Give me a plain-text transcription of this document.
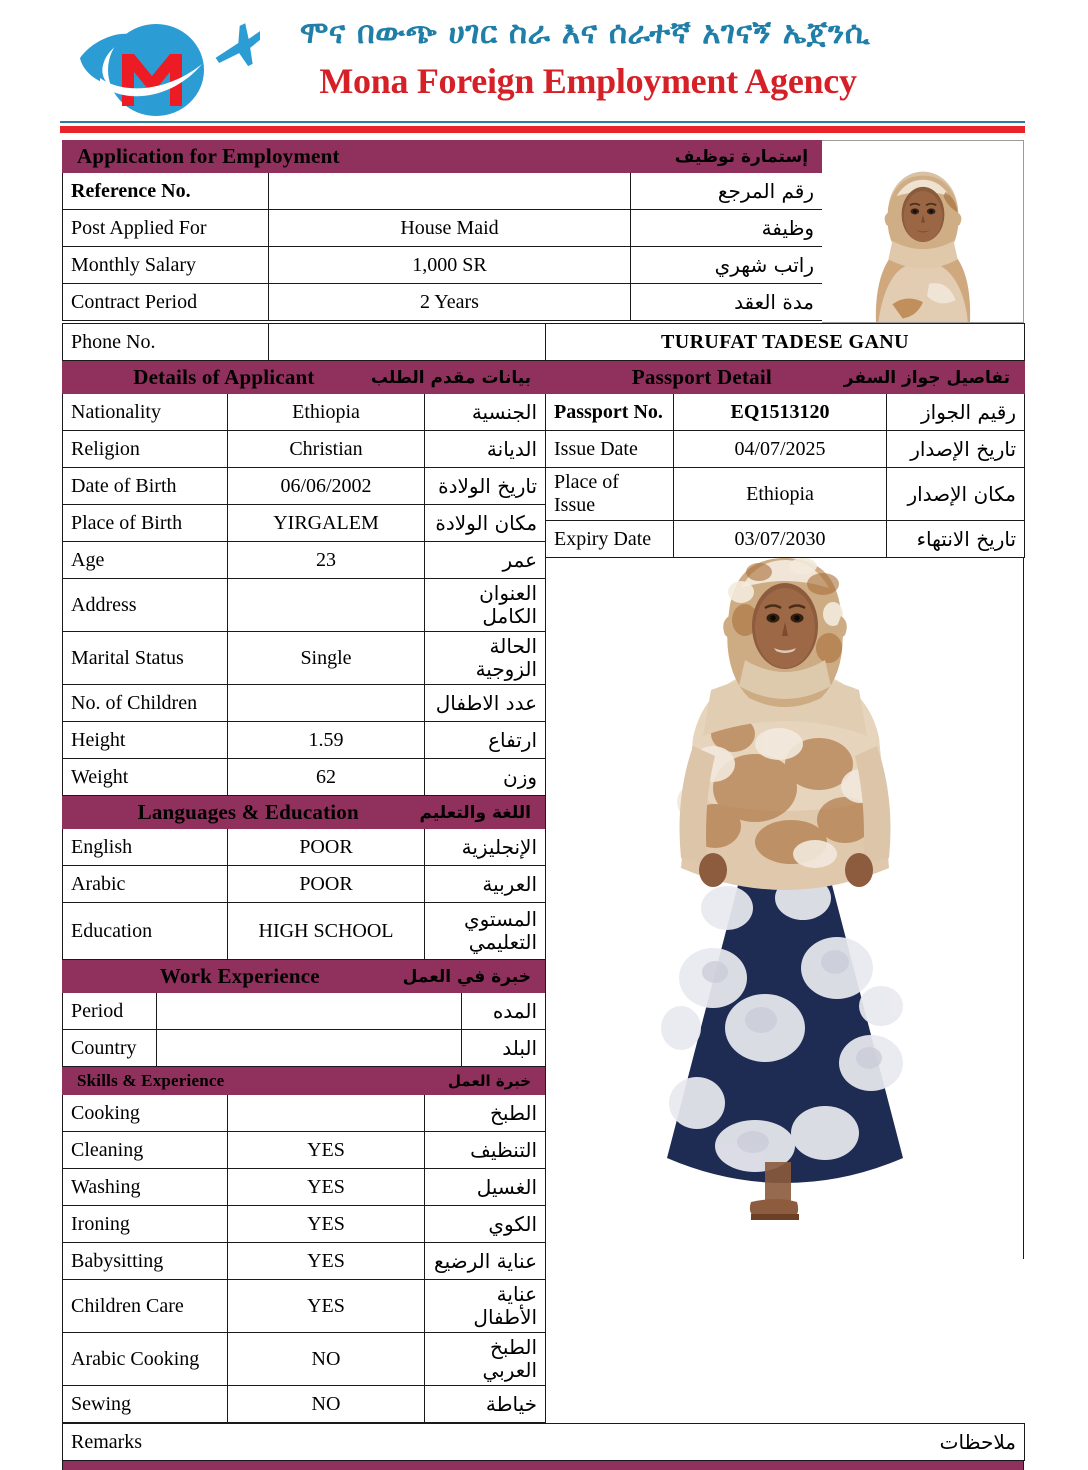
ሞና በውጭ ሀገር ስራ እና ሰራተኛ አገናኝ ኤጀንሲ
Mona Foreign Employment Agency
Application for Employment إستمارة توظيف		

Reference No.		رقم المرجع
Post Applied For	House Maid	وظيفة
Monthly Salary	1,000 SR	راتب شهري
Contract Period	2 Years	مدة العقد
Phone No.		TURUFAT TADESE GANU
Details of Applicant بيانات مقدم الطلب		

Nationality	Ethiopia	الجنسية
Religion	Christian	الديانة
Date of Birth	06/06/2002	تاريخ الولادة
Place of Birth	YIRGALEM	مكان الولادة
Age	23	عمر
Address		العنوان الكامل
Marital Status	Single	الحالة الزوجية
No. of Children		عدد الاطفال
Height	1.59	ارتفاع
Weight	62	وزن
Languages & Education اللغة والتعليم		

English	POOR	الإنجليزية
Arabic	POOR	العربية
Education	HIGH SCHOOL	المستوي التعليمي
Work Experience خبرة في العمل		

Period		المده
Country		البلد
Skills & Experience خبرة العمل		

Cooking		الطبخ
Cleaning	YES	التنظيف
Washing	YES	الغسيل
Ironing	YES	الكوي
Babysitting	YES	عناية الرضيع
Children Care	YES	عناية الأطفال
Arabic Cooking	NO	الطبخ العربي
Sewing	NO	خياطة
Passport Detail تفاصيل جواز السفر		

Passport No.	EQ1513120	رقيم الجواز
Issue Date	04/07/2025	تاريخ الإصدار
Place of Issue	Ethiopia	مكان الإصدار
Expiry Date	03/07/2030	تاريخ الانتهاء
Remarks	ملاحظات
